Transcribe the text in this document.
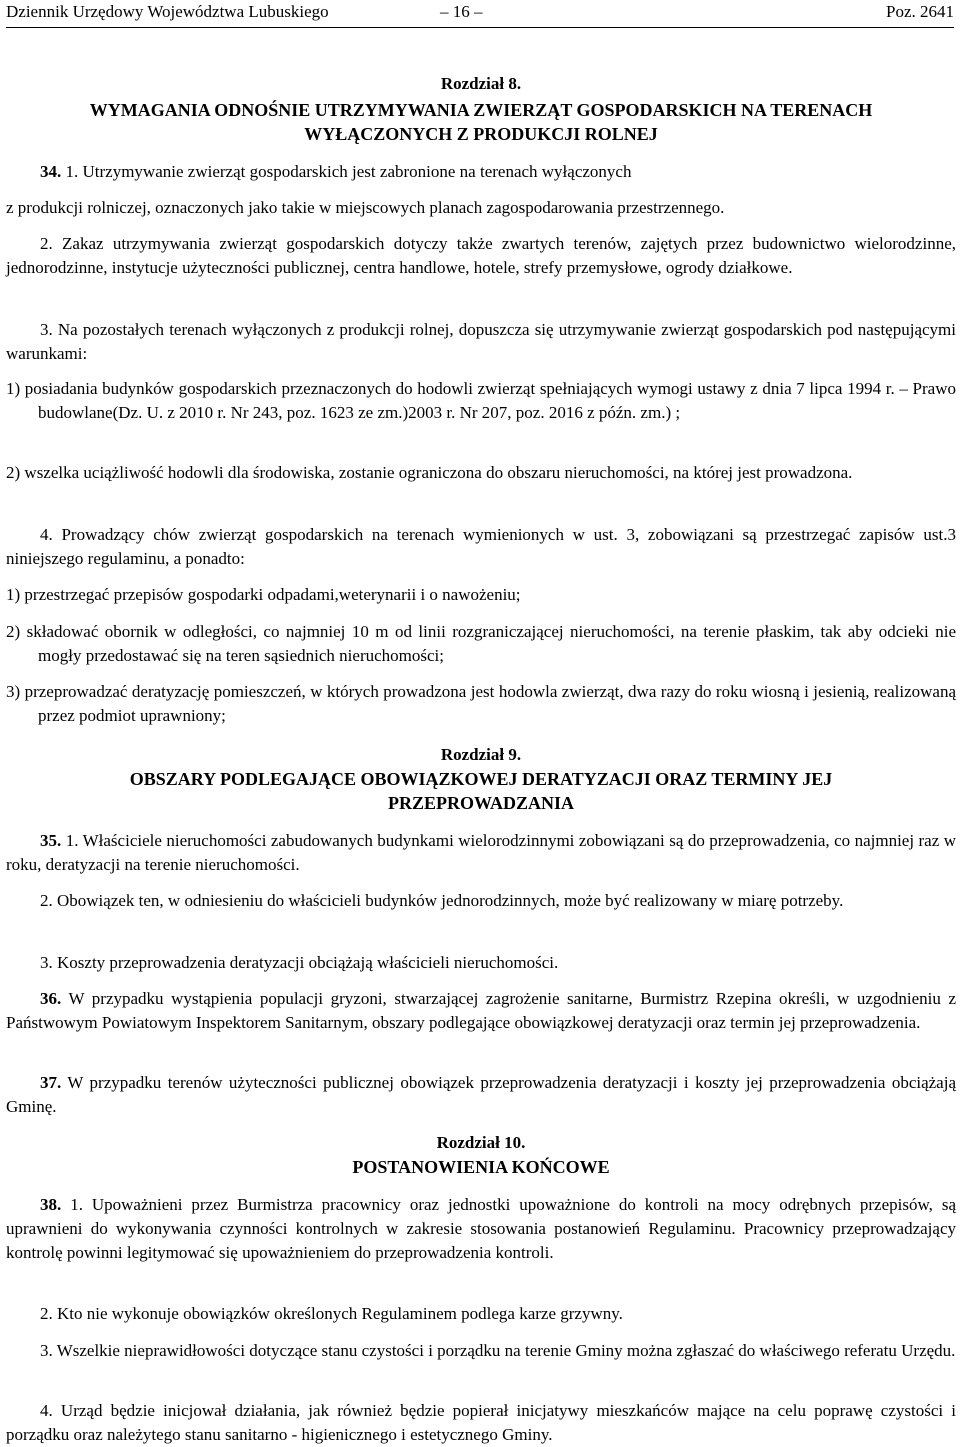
Dziennik Urzędowy Województwa Lubuskiego	– 16 –	Poz. 2641

Rozdział 8.

WYMAGANIA ODNOŚNIE UTRZYMYWANIA ZWIERZĄT GOSPODARSKICH NA TERENACH

WYŁĄCZONYCH Z PRODUKCJI ROLNEJ

34. 1. Utrzymywanie zwierząt gospodarskich jest zabronione na terenach wyłączonych

z produkcji rolniczej, oznaczonych jako takie w miejscowych planach zagospodarowania przestrzennego.

2. Zakaz utrzymywania zwierząt gospodarskich dotyczy także zwartych terenów, zajętych przez budownictwo wielorodzinne, jednorodzinne, instytucje użyteczności publicznej, centra handlowe, hotele, strefy przemysłowe, ogrody działkowe.

3. Na pozostałych terenach wyłączonych z produkcji rolnej, dopuszcza się utrzymywanie zwierząt gospodarskich pod następującymi warunkami:

1) posiadania budynków gospodarskich przeznaczonych do hodowli zwierząt spełniających wymogi ustawy z dnia 7 lipca 1994 r. – Prawo budowlane(Dz. U. z 2010 r. Nr 243, poz. 1623 ze zm.)2003 r. Nr 207, poz. 2016 z późn. zm.) ;

2) wszelka uciążliwość hodowli dla środowiska, zostanie ograniczona do obszaru nieruchomości, na której jest prowadzona.

4. Prowadzący chów zwierząt gospodarskich na terenach wymienionych w ust. 3, zobowiązani są przestrzegać zapisów ust.3 niniejszego regulaminu, a ponadto:

1) przestrzegać przepisów gospodarki odpadami,weterynarii i o nawożeniu;

2) składować obornik w odległości, co najmniej 10 m od linii rozgraniczającej nieruchomości, na terenie płaskim, tak aby odcieki nie mogły przedostawać się na teren sąsiednich nieruchomości;

3) przeprowadzać deratyzację pomieszczeń, w których prowadzona jest hodowla zwierząt, dwa razy do roku wiosną i jesienią, realizowaną przez podmiot uprawniony;

Rozdział 9.

OBSZARY PODLEGAJĄCE OBOWIĄZKOWEJ DERATYZACJI ORAZ TERMINY JEJ

PRZEPROWADZANIA

35. 1. Właściciele nieruchomości zabudowanych budynkami wielorodzinnymi zobowiązani są do przeprowadzenia, co najmniej raz w roku, deratyzacji na terenie nieruchomości.

2. Obowiązek ten, w odniesieniu do właścicieli budynków jednorodzinnych, może być realizowany w miarę potrzeby.

3. Koszty przeprowadzenia deratyzacji obciążają właścicieli nieruchomości.

36. W przypadku wystąpienia populacji gryzoni, stwarzającej zagrożenie sanitarne, Burmistrz Rzepina określi, w uzgodnieniu z Państwowym Powiatowym Inspektorem Sanitarnym, obszary podlegające obowiązkowej deratyzacji oraz termin jej przeprowadzenia.

37. W przypadku terenów użyteczności publicznej obowiązek przeprowadzenia deratyzacji i koszty jej przeprowadzenia obciążają Gminę.

Rozdział 10.

POSTANOWIENIA KOŃCOWE

38. 1. Upoważnieni przez Burmistrza pracownicy oraz jednostki upoważnione do kontroli na mocy odrębnych przepisów, są uprawnieni do wykonywania czynności kontrolnych w zakresie stosowania postanowień Regulaminu. Pracownicy przeprowadzający kontrolę powinni legitymować się upoważnieniem do przeprowadzenia kontroli.

2. Kto nie wykonuje obowiązków określonych Regulaminem podlega karze grzywny.

3. Wszelkie nieprawidłowości dotyczące stanu czystości i porządku na terenie Gminy można zgłaszać do właściwego referatu Urzędu.

4. Urząd będzie inicjował działania, jak również będzie popierał inicjatywy mieszkańców mające na celu poprawę czystości i porządku oraz należytego stanu sanitarno - higienicznego i estetycznego Gminy.
